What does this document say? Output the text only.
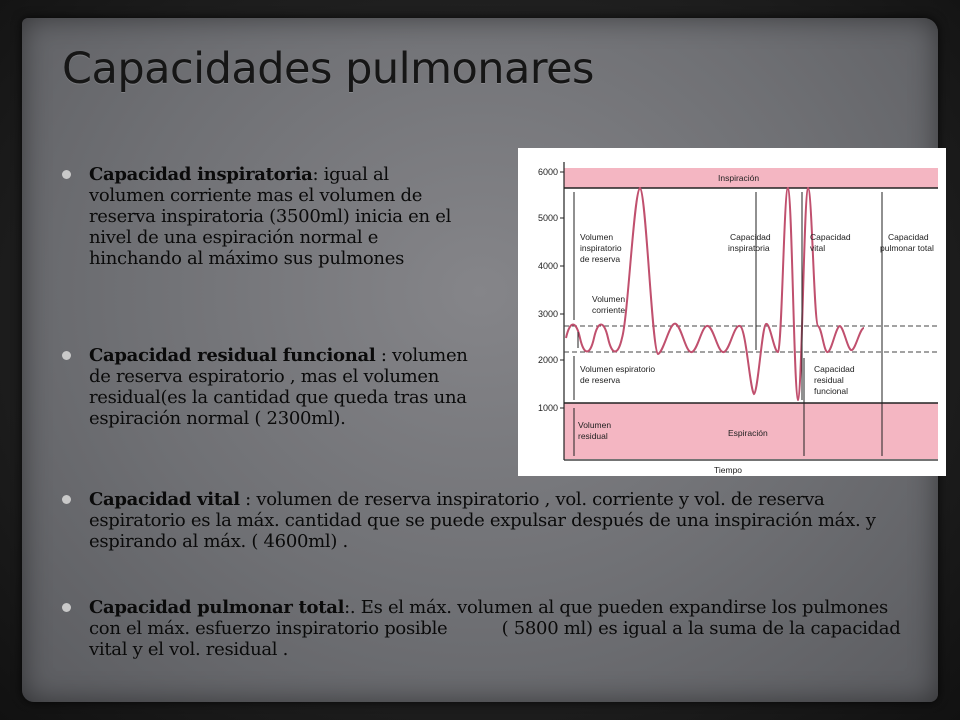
Capacidades pulmonares
Capacidad inspiratoria: igual al volumen corriente mas el volumen de reserva inspiratoria (3500ml) inicia en el nivel de una espiración normal e hinchando al máximo sus pulmones
Capacidad residual funcional : volumen de reserva espiratorio , mas el volumen residual(es la cantidad que queda tras una espiración normal ( 2300ml).
Capacidad vital : volumen de reserva inspiratorio , vol. corriente y vol. de reserva espiratorio es la máx. cantidad que se puede expulsar después de una inspiración máx. y espirando al máx. ( 4600ml) .
Capacidad pulmonar total:. Es el máx. volumen al que pueden expandirse los pulmones con el máx. esfuerzo inspiratorio posible          ( 5800 ml) es igual a la suma de la capacidad vital y el vol. residual .
6000
5000
4000
3000
2000
1000
Inspiración
Espiración
Tiempo
Volumen
inspiratorio
de reserva
Volumen
corriente
Volumen espiratorio
de reserva
Volumen
residual
Capacidad
inspiratoria
Capacidad
vital
Capacidad
pulmonar total
Capacidad
residual
funcional
